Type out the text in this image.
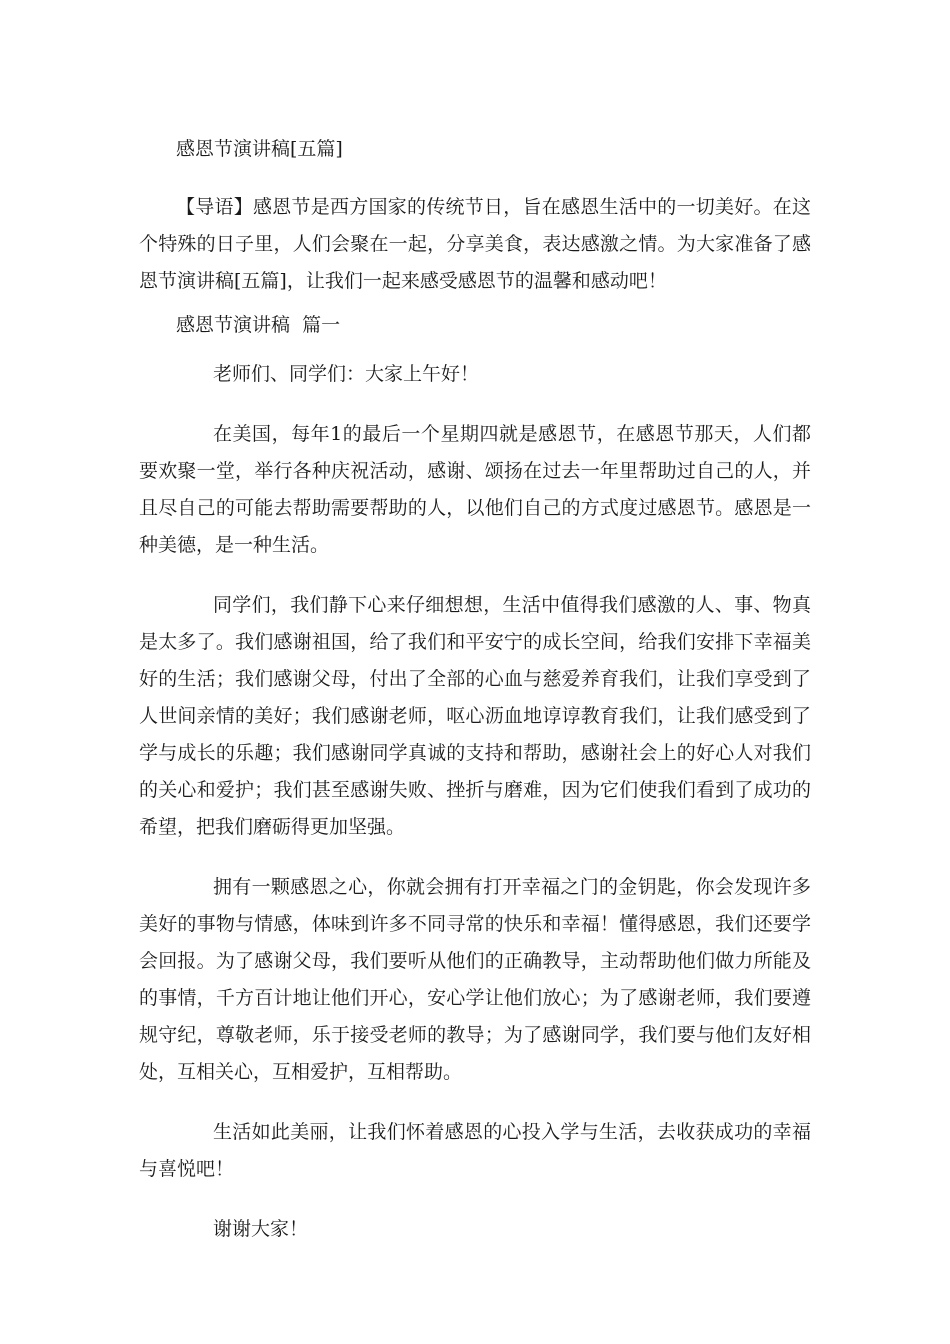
感恩节演讲稿[五篇]

【导语】感恩节是西方国家的传统节日，旨在感恩生活中的一切美好。在这个特殊的日子里，人们会聚在一起，分享美食，表达感激之情。为大家准备了感恩节演讲稿[五篇]，让我们一起来感受感恩节的温馨和感动吧！

感恩节演讲稿  篇一

老师们、同学们：大家上午好！

在美国，每年1的最后一个星期四就是感恩节，在感恩节那天，人们都要欢聚一堂，举行各种庆祝活动，感谢、颂扬在过去一年里帮助过自己的人，并且尽自己的可能去帮助需要帮助的人，以他们自己的方式度过感恩节。感恩是一种美德，是一种生活。

同学们，我们静下心来仔细想想，生活中值得我们感激的人、事、物真是太多了。我们感谢祖国，给了我们和平安宁的成长空间，给我们安排下幸福美好的生活；我们感谢父母，付出了全部的心血与慈爱养育我们，让我们享受到了人世间亲情的美好；我们感谢老师，呕心沥血地谆谆教育我们，让我们感受到了学与成长的乐趣；我们感谢同学真诚的支持和帮助，感谢社会上的好心人对我们的关心和爱护；我们甚至感谢失败、挫折与磨难，因为它们使我们看到了成功的希望，把我们磨砺得更加坚强。

拥有一颗感恩之心，你就会拥有打开幸福之门的金钥匙，你会发现许多美好的事物与情感，体味到许多不同寻常的快乐和幸福！懂得感恩，我们还要学会回报。为了感谢父母，我们要听从他们的正确教导，主动帮助他们做力所能及的事情，千方百计地让他们开心，安心学让他们放心；为了感谢老师，我们要遵规守纪，尊敬老师，乐于接受老师的教导；为了感谢同学，我们要与他们友好相处，互相关心，互相爱护，互相帮助。

生活如此美丽，让我们怀着感恩的心投入学与生活，去收获成功的幸福与喜悦吧！

谢谢大家！
